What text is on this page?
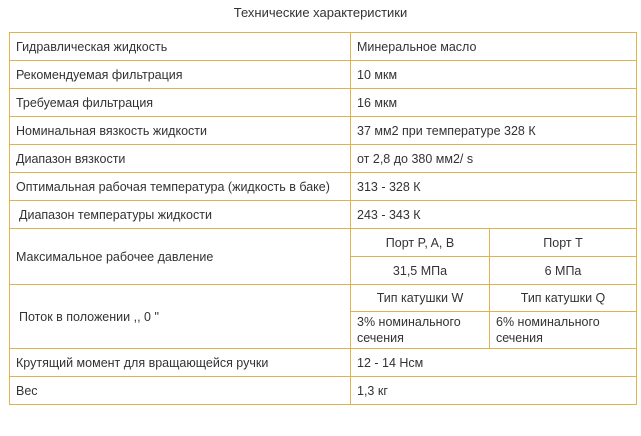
Технические характеристики
Гидравлическая жидкость	Минеральное масло	
Рекомендуемая фильтрация	10 мкм	
Требуемая фильтрация	16 мкм	
Номинальная вязкость жидкости	37 мм2 при температуре 328 К	
Диапазон вязкости	от 2,8 до 380 мм2/ s	
Оптимальная рабочая температура (жидкость в баке)	313 - 328 К	
Диапазон температуры жидкости	243 - 343 К	
Максимальное рабочее давление	Порт P, A, B	Порт T
	31,5 МПа	6 МПа
Поток в положении ,, 0 "	Тип катушки W	Тип катушки Q
	3% номинального сечения	6% номинального сечения
Крутящий момент для вращающейся ручки	12 - 14 Нсм	
Вес	1,3 кг	
